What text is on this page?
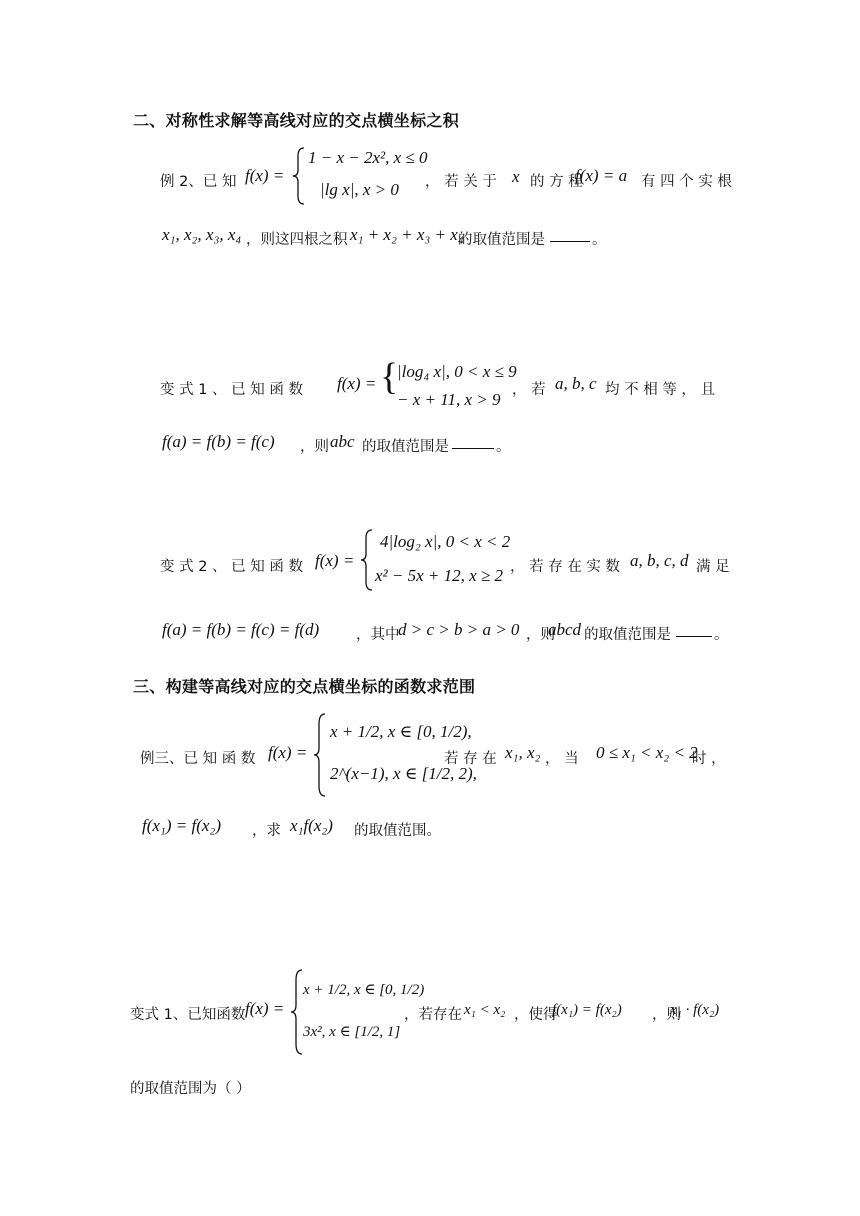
二、对称性求解等高线对应的交点横坐标之积
例 2、已 知 f(x) =
1 − x − 2x², x ≤ 0
|lg x|, x > 0 ， 若 关 于 x 的 方 程
f(x) = a 有 四 个 实 根
x₁, x₂, x₃, x₄ ，则这四根之积 x₁ + x₂ + x₃ + x₄
的取值范围是	。
变 式 1 、 已 知 函 数 f(x) = {
|log₄ x|, 0 < x ≤ 9
− x + 11, x > 9 ， 若 a, b, c 均 不 相 等 ， 且
f(a) = f(b) = f(c) ，则 abc 的取值范围是	。
变 式 2 、 已 知 函 数 f(x) =
4|log₂ x|, 0 < x < 2
x² − 5x + 12, x ≥ 2 ， 若 存 在 实 数 a, b, c, d 满 足
f(a) = f(b) = f(c) = f(d)	，其中
d > c > b > a > 0 ，则
abcd 的取值范围是	。
三、构建等高线对应的交点横坐标的函数求范围
例三、已 知 函 数 f(x) =
x + 1/2, x ∈ [0, 1/2),
2^(x−1), x ∈ [1/2, 2),
若 存 在 x₁, x₂ ， 当 0 ≤ x₁ < x₂ < 2
时 ，
f(x₁) = f(x₂) ，求 x₁f(x₂) 的取值范围。
变式 1、已知函数 f(x) =
x + 1/2, x ∈ [0, 1/2)
3x², x ∈ [1/2, 1]
，若存在 x₁ < x₂ ，使得
f(x₁) = f(x₂) ，则
x₁ · f(x₂)
的取值范围为（ ）
